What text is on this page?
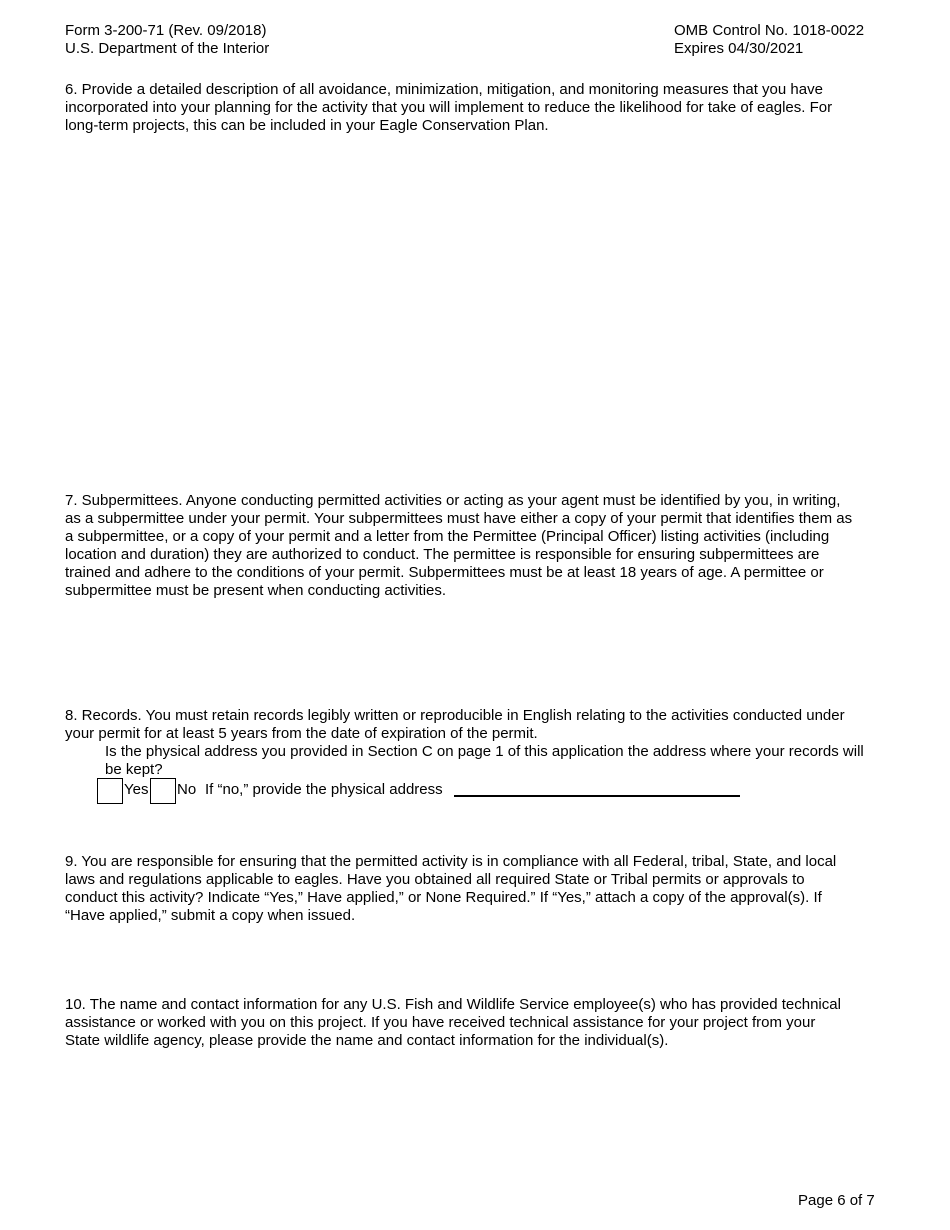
Form 3-200-71 (Rev. 09/2018)
U.S. Department of the Interior
OMB Control No. 1018-0022
Expires 04/30/2021
6. Provide a detailed description of all avoidance, minimization, mitigation, and monitoring measures that you have
incorporated into your planning for the activity that you will implement to reduce the likelihood for take of eagles. For
long-term projects, this can be included in your Eagle Conservation Plan.
7. Subpermittees. Anyone conducting permitted activities or acting as your agent must be identified by you, in writing,
as a subpermittee under your permit. Your subpermittees must have either a copy of your permit that identifies them as
a subpermittee, or a copy of your permit and a letter from the Permittee (Principal Officer) listing activities (including
location and duration) they are authorized to conduct. The permittee is responsible for ensuring subpermittees are
trained and adhere to the conditions of your permit. Subpermittees must be at least 18 years of age. A permittee or
subpermittee must be present when conducting activities.
8. Records. You must retain records legibly written or reproducible in English relating to the activities conducted under
your permit for at least 5 years from the date of expiration of the permit.
Is the physical address you provided in Section C on page 1 of this application the address where your records will
be kept?
Yes No If “no,” provide the physical address
9. You are responsible for ensuring that the permitted activity is in compliance with all Federal, tribal, State, and local
laws and regulations applicable to eagles. Have you obtained all required State or Tribal permits or approvals to
conduct this activity? Indicate “Yes,” Have applied,” or None Required.” If “Yes,” attach a copy of the approval(s). If
“Have applied,” submit a copy when issued.
10. The name and contact information for any U.S. Fish and Wildlife Service employee(s) who has provided technical
assistance or worked with you on this project. If you have received technical assistance for your project from your
State wildlife agency, please provide the name and contact information for the individual(s).
Page 6 of 7
